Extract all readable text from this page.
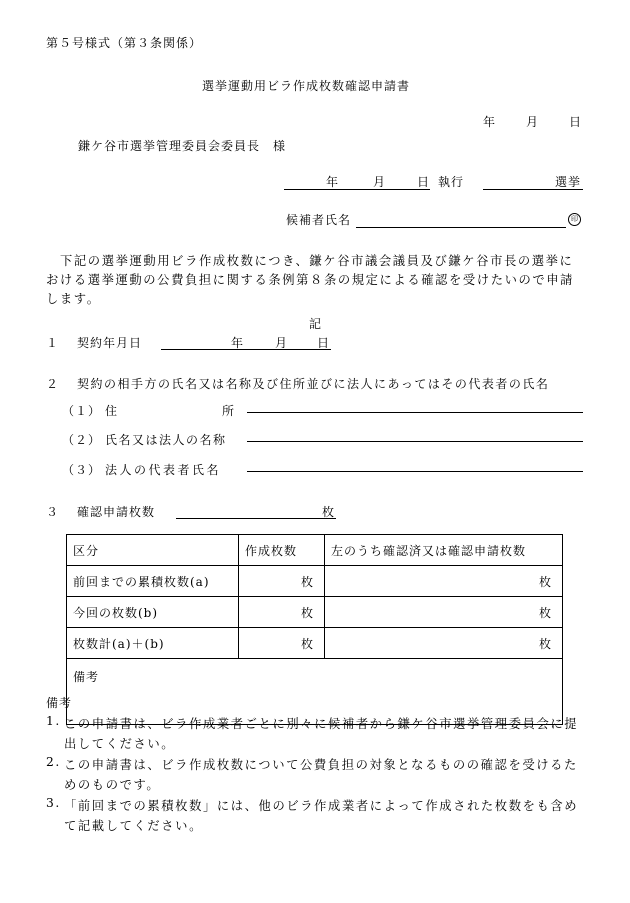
第５号様式（第３条関係）
選挙運動用ビラ作成枚数確認申請書
年 月 日
鎌ケ谷市選挙管理委員会委員長　様
年	月	日 執行	選挙
候補者氏名	印
下記の選挙運動用ビラ作成枚数につき、鎌ケ谷市議会議員及び鎌ケ谷市長の選挙における選挙運動の公費負担に関する条例第８条の規定による確認を受けたいので申請します。
記
１ 契約年月日	年	月 日
２ 契約の相手方の氏名又は名称及び住所並びに法人にあってはその代表者の氏名
（１） 住	所
（２） 氏名又は法人の名称
（３） 法人の代表者氏名
３ 確認申請枚数	枚
区分	作成枚数	左のうち確認済又は確認申請枚数
前回までの累積枚数(a)	枚	枚
今回の枚数(b)	枚	枚
枚数計(a)＋(b)	枚	枚
備考		
備考
1. この申請書は、ビラ作成業者ごとに別々に候補者から鎌ケ谷市選挙管理委員会に提
出してください。
2. この申請書は、ビラ作成枚数について公費負担の対象となるものの確認を受けるた
めのものです。
3. 「前回までの累積枚数」には、他のビラ作成業者によって作成された枚数をも含め
て記載してください。
